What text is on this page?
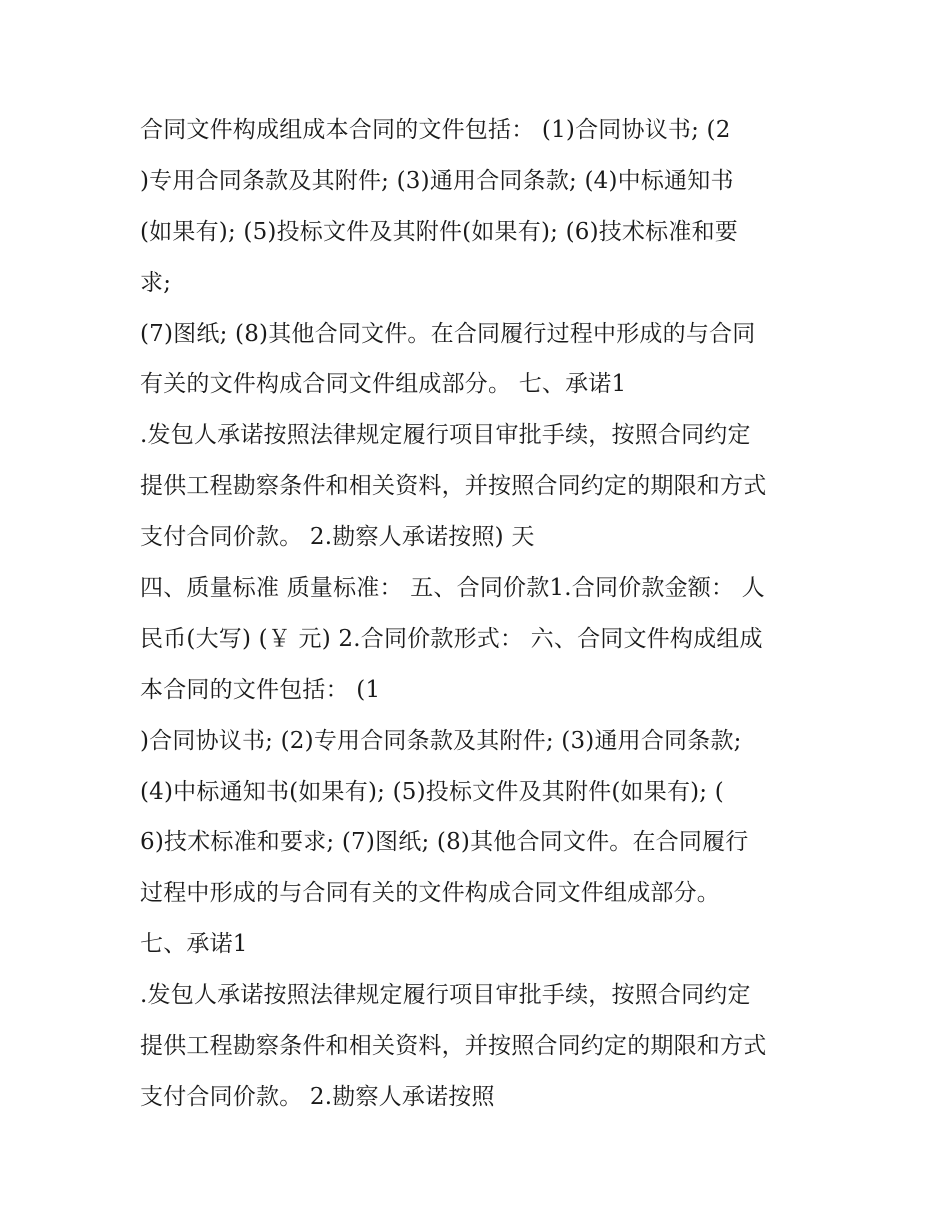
合同文件构成组成本合同的文件包括： (1)合同协议书; (2
)专用合同条款及其附件; (3)通用合同条款; (4)中标通知书
(如果有); (5)投标文件及其附件(如果有); (6)技术标准和要
求;
(7)图纸; (8)其他合同文件。在合同履行过程中形成的与合同
有关的文件构成合同文件组成部分。 七、承诺1
.发包人承诺按照法律规定履行项目审批手续，按照合同约定
提供工程勘察条件和相关资料，并按照合同约定的期限和方式
支付合同价款。 2.勘察人承诺按照) 天
四、质量标准 质量标准： 五、合同价款1.合同价款金额： 人
民币(大写) (￥ 元) 2.合同价款形式： 六、合同文件构成组成
本合同的文件包括： (1
)合同协议书; (2)专用合同条款及其附件; (3)通用合同条款;
(4)中标通知书(如果有); (5)投标文件及其附件(如果有); (
6)技术标准和要求; (7)图纸; (8)其他合同文件。在合同履行
过程中形成的与合同有关的文件构成合同文件组成部分。
七、承诺1
.发包人承诺按照法律规定履行项目审批手续，按照合同约定
提供工程勘察条件和相关资料，并按照合同约定的期限和方式
支付合同价款。 2.勘察人承诺按照
